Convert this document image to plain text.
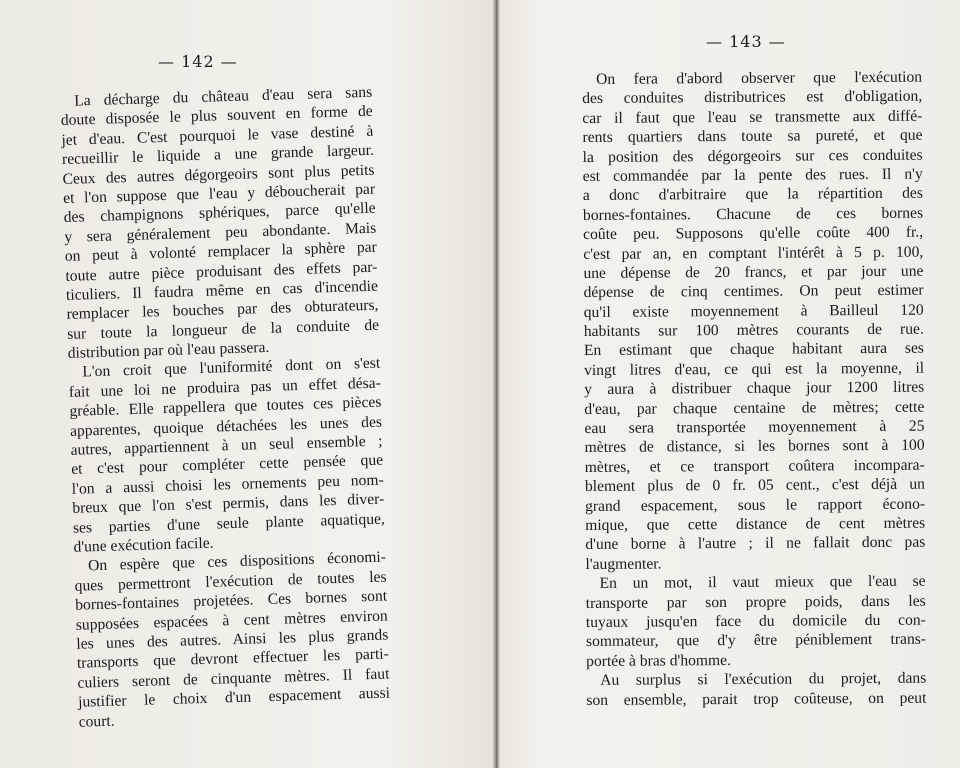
— 142 —
La décharge du château d'eau sera sans
doute disposée le plus souvent en forme de
jet d'eau. C'est pourquoi le vase destiné à
recueillir le liquide a une grande largeur.
Ceux des autres dégorgeoirs sont plus petits
et l'on suppose que l'eau y déboucherait par
des champignons sphériques, parce qu'elle
y sera généralement peu abondante. Mais
on peut à volonté remplacer la sphère par
toute autre pièce produisant des effets par-
ticuliers. Il faudra même en cas d'incendie
remplacer les bouches par des obturateurs,
sur toute la longueur de la conduite de
distribution par où l'eau passera.
L'on croit que l'uniformité dont on s'est
fait une loi ne produira pas un effet désa-
gréable. Elle rappellera que toutes ces pièces
apparentes, quoique détachées les unes des
autres, appartiennent à un seul ensemble ;
et c'est pour compléter cette pensée que
l'on a aussi choisi les ornements peu nom-
breux que l'on s'est permis, dans les diver-
ses parties d'une seule plante aquatique,
d'une exécution facile.
On espère que ces dispositions économi-
ques permettront l'exécution de toutes les
bornes-fontaines projetées. Ces bornes sont
supposées espacées à cent mètres environ
les unes des autres. Ainsi les plus grands
transports que devront effectuer les parti-
culiers seront de cinquante mètres. Il faut
justifier le choix d'un espacement aussi
court.
— 143 —
On fera d'abord observer que l'exécution
des conduites distributrices est d'obligation,
car il faut que l'eau se transmette aux diffé-
rents quartiers dans toute sa pureté, et que
la position des dégorgeoirs sur ces conduites
est commandée par la pente des rues. Il n'y
a donc d'arbitraire que la répartition des
bornes-fontaines. Chacune de ces bornes
coûte peu. Supposons qu'elle coûte 400 fr.,
c'est par an, en comptant l'intérêt à 5 p. 100,
une dépense de 20 francs, et par jour une
dépense de cinq centimes. On peut estimer
qu'il existe moyennement à Bailleul 120
habitants sur 100 mètres courants de rue.
En estimant que chaque habitant aura ses
vingt litres d'eau, ce qui est la moyenne, il
y aura à distribuer chaque jour 1200 litres
d'eau, par chaque centaine de mètres; cette
eau sera transportée moyennement à 25
mètres de distance, si les bornes sont à 100
mètres, et ce transport coûtera incompara-
blement plus de 0 fr. 05 cent., c'est déjà un
grand espacement, sous le rapport écono-
mique, que cette distance de cent mètres
d'une borne à l'autre ; il ne fallait donc pas
l'augmenter.
En un mot, il vaut mieux que l'eau se
transporte par son propre poids, dans les
tuyaux jusqu'en face du domicile du con-
sommateur, que d'y être péniblement trans-
portée à bras d'homme.
Au surplus si l'exécution du projet, dans
son ensemble, parait trop coûteuse, on peut
